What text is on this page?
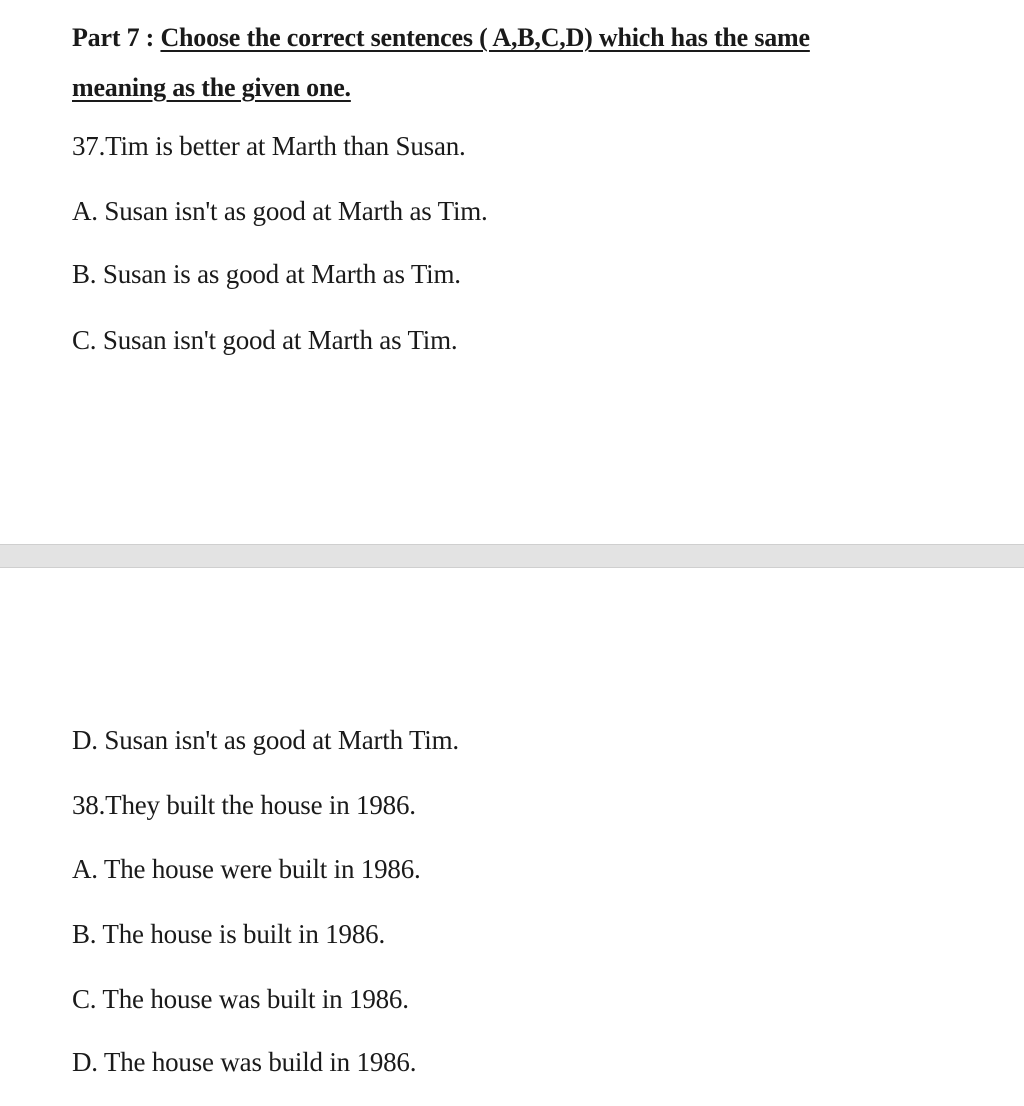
Part 7 : Choose the correct sentences ( A,B,C,D) which has the same
meaning as the given one.
37.Tim is better at Marth than Susan.
A. Susan isn't as good at Marth as Tim.
B. Susan is as good at Marth as Tim.
C. Susan isn't good at Marth as Tim.
D. Susan isn't as good at Marth Tim.
38.They built the house in 1986.
A. The house were built in 1986.
B. The house is built in 1986.
C. The house was built in 1986.
D. The house was build in 1986.
